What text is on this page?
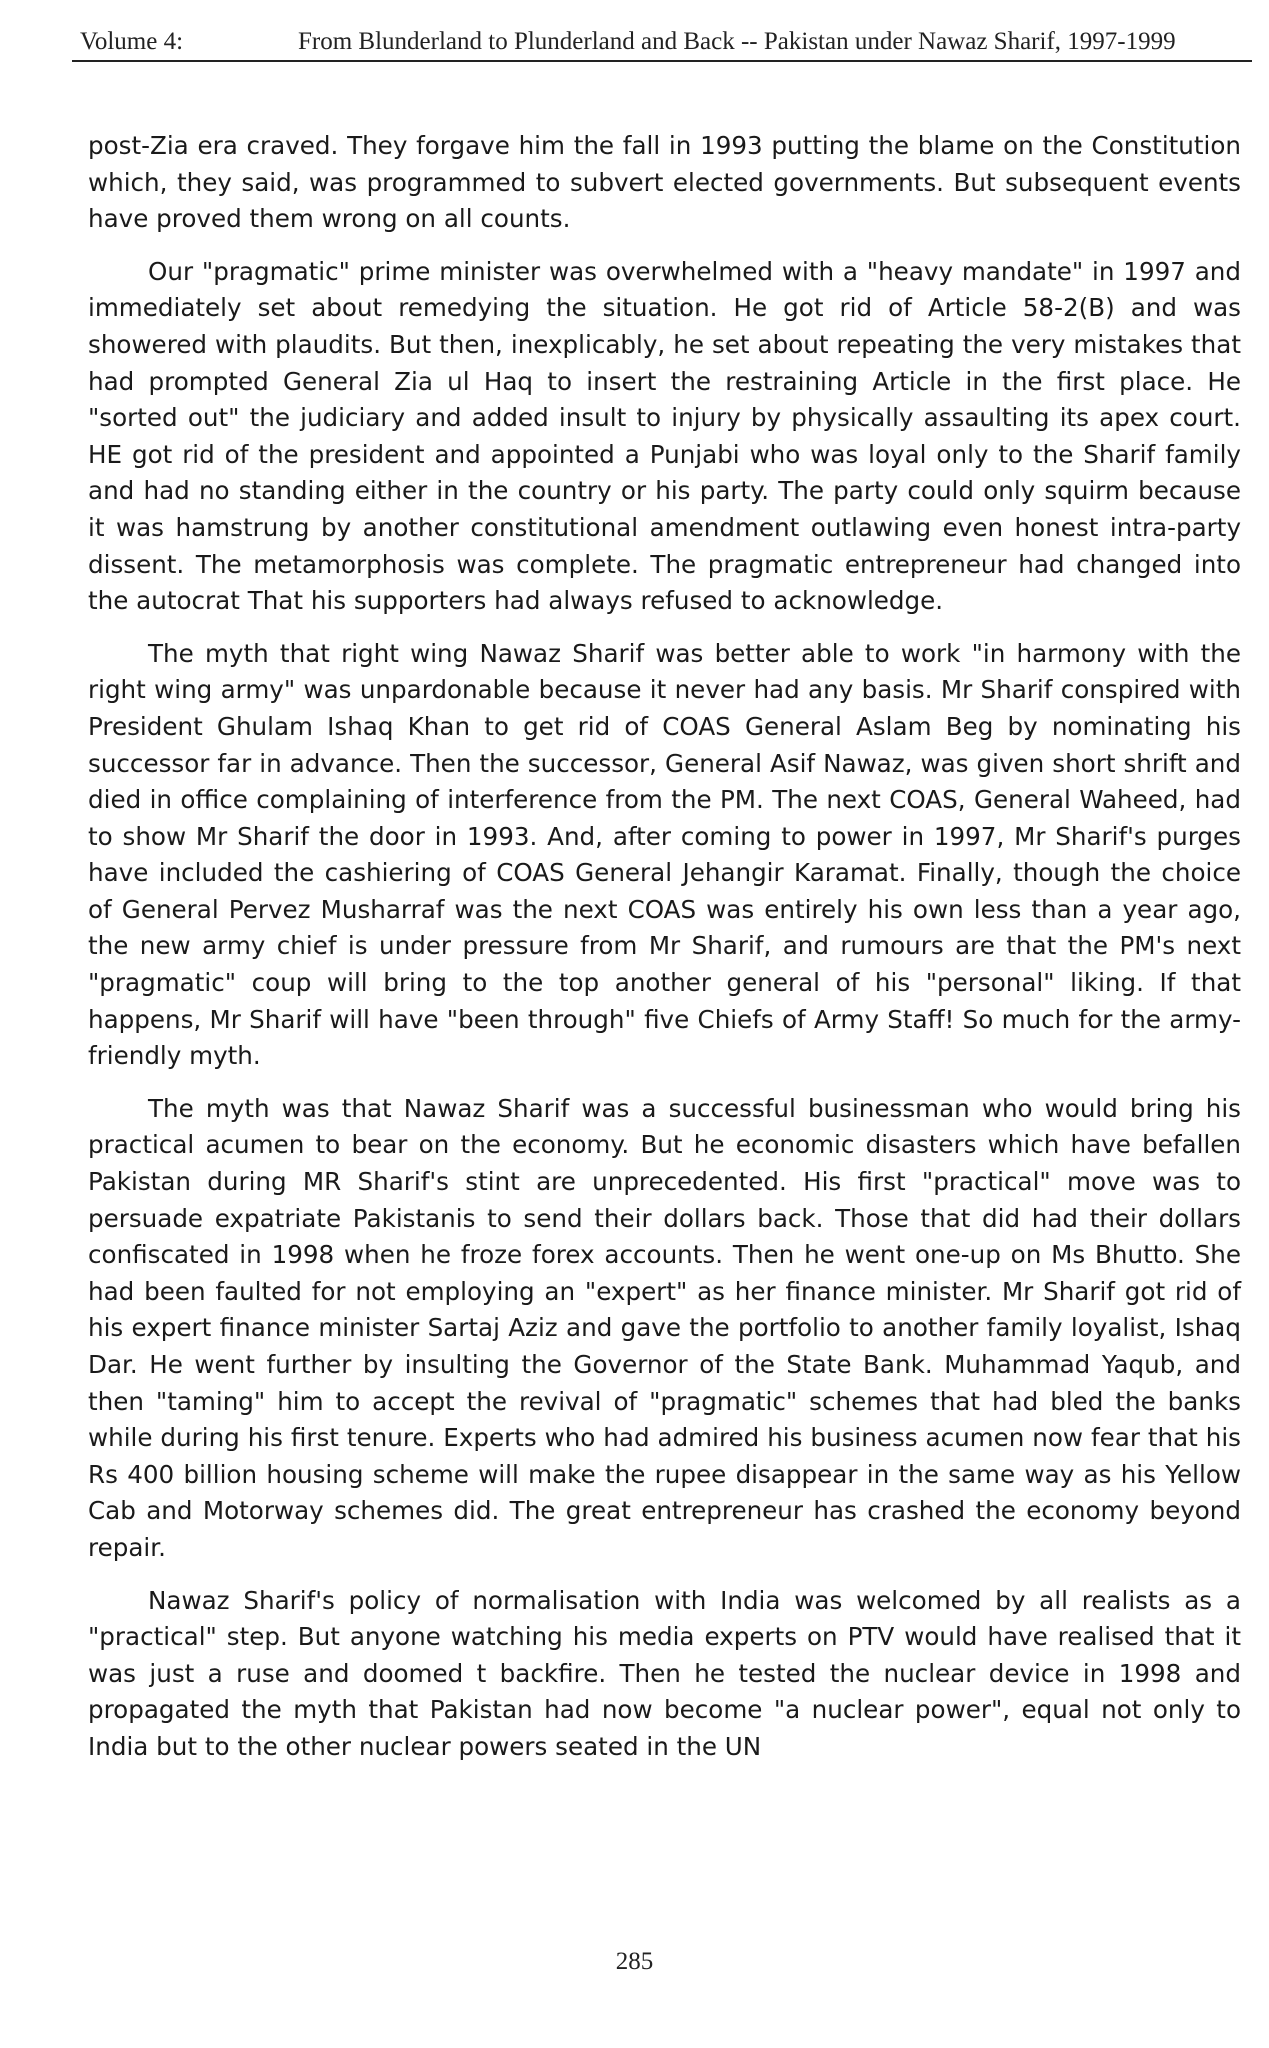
Volume 4:	From Blunderland to Plunderland and Back -- Pakistan under Nawaz Sharif, 1997-1999

post-Zia era craved. They forgave him the fall in 1993 putting the blame on the Constitution which, they said, was programmed to subvert elected governments. But subsequent events have proved them wrong on all counts.

Our "pragmatic" prime minister was overwhelmed with a "heavy mandate" in 1997 and immediately set about remedying the situation. He got rid of Article 58-2(B) and was showered with plaudits. But then, inexplicably, he set about repeating the very mistakes that had prompted General Zia ul Haq to insert the restraining Article in the first place. He "sorted out" the judiciary and added insult to injury by physically assaulting its apex court. HE got rid of the president and appointed a Punjabi who was loyal only to the Sharif family and had no standing either in the country or his party. The party could only squirm because it was hamstrung by another constitutional amendment outlawing even honest intra-party dissent. The metamorphosis was complete. The pragmatic entrepreneur had changed into the autocrat That his supporters had always refused to acknowledge.

The myth that right wing Nawaz Sharif was better able to work "in harmony with the right wing army" was unpardonable because it never had any basis. Mr Sharif conspired with President Ghulam Ishaq Khan to get rid of COAS General Aslam Beg by nominating his successor far in advance. Then the successor, General Asif Nawaz, was given short shrift and died in office complaining of interference from the PM. The next COAS, General Waheed, had to show Mr Sharif the door in 1993. And, after coming to power in 1997, Mr Sharif's purges have included the cashiering of COAS General Jehangir Karamat. Finally, though the choice of General Pervez Musharraf was the next COAS was entirely his own less than a year ago, the new army chief is under pressure from Mr Sharif, and rumours are that the PM's next "pragmatic" coup will bring to the top another general of his "personal" liking. If that happens, Mr Sharif will have "been through" five Chiefs of Army Staff! So much for the army-friendly myth.

The myth was that Nawaz Sharif was a successful businessman who would bring his practical acumen to bear on the economy. But he economic disasters which have befallen Pakistan during MR Sharif's stint are unprecedented. His first "practical" move was to persuade expatriate Pakistanis to send their dollars back. Those that did had their dollars confiscated in 1998 when he froze forex accounts. Then he went one-up on Ms Bhutto. She had been faulted for not employing an "expert" as her finance minister. Mr Sharif got rid of his expert finance minister Sartaj Aziz and gave the portfolio to another family loyalist, Ishaq Dar. He went further by insulting the Governor of the State Bank. Muhammad Yaqub, and then "taming" him to accept the revival of "pragmatic" schemes that had bled the banks while during his first tenure. Experts who had admired his business acumen now fear that his Rs 400 billion housing scheme will make the rupee disappear in the same way as his Yellow Cab and Motorway schemes did. The great entrepreneur has crashed the economy beyond repair.

Nawaz Sharif's policy of normalisation with India was welcomed by all realists as a "practical" step. But anyone watching his media experts on PTV would have realised that it was just a ruse and doomed t backfire. Then he tested the nuclear device in 1998 and propagated the myth that Pakistan had now become "a nuclear power", equal not only to India but to the other nuclear powers seated in the UN

285
